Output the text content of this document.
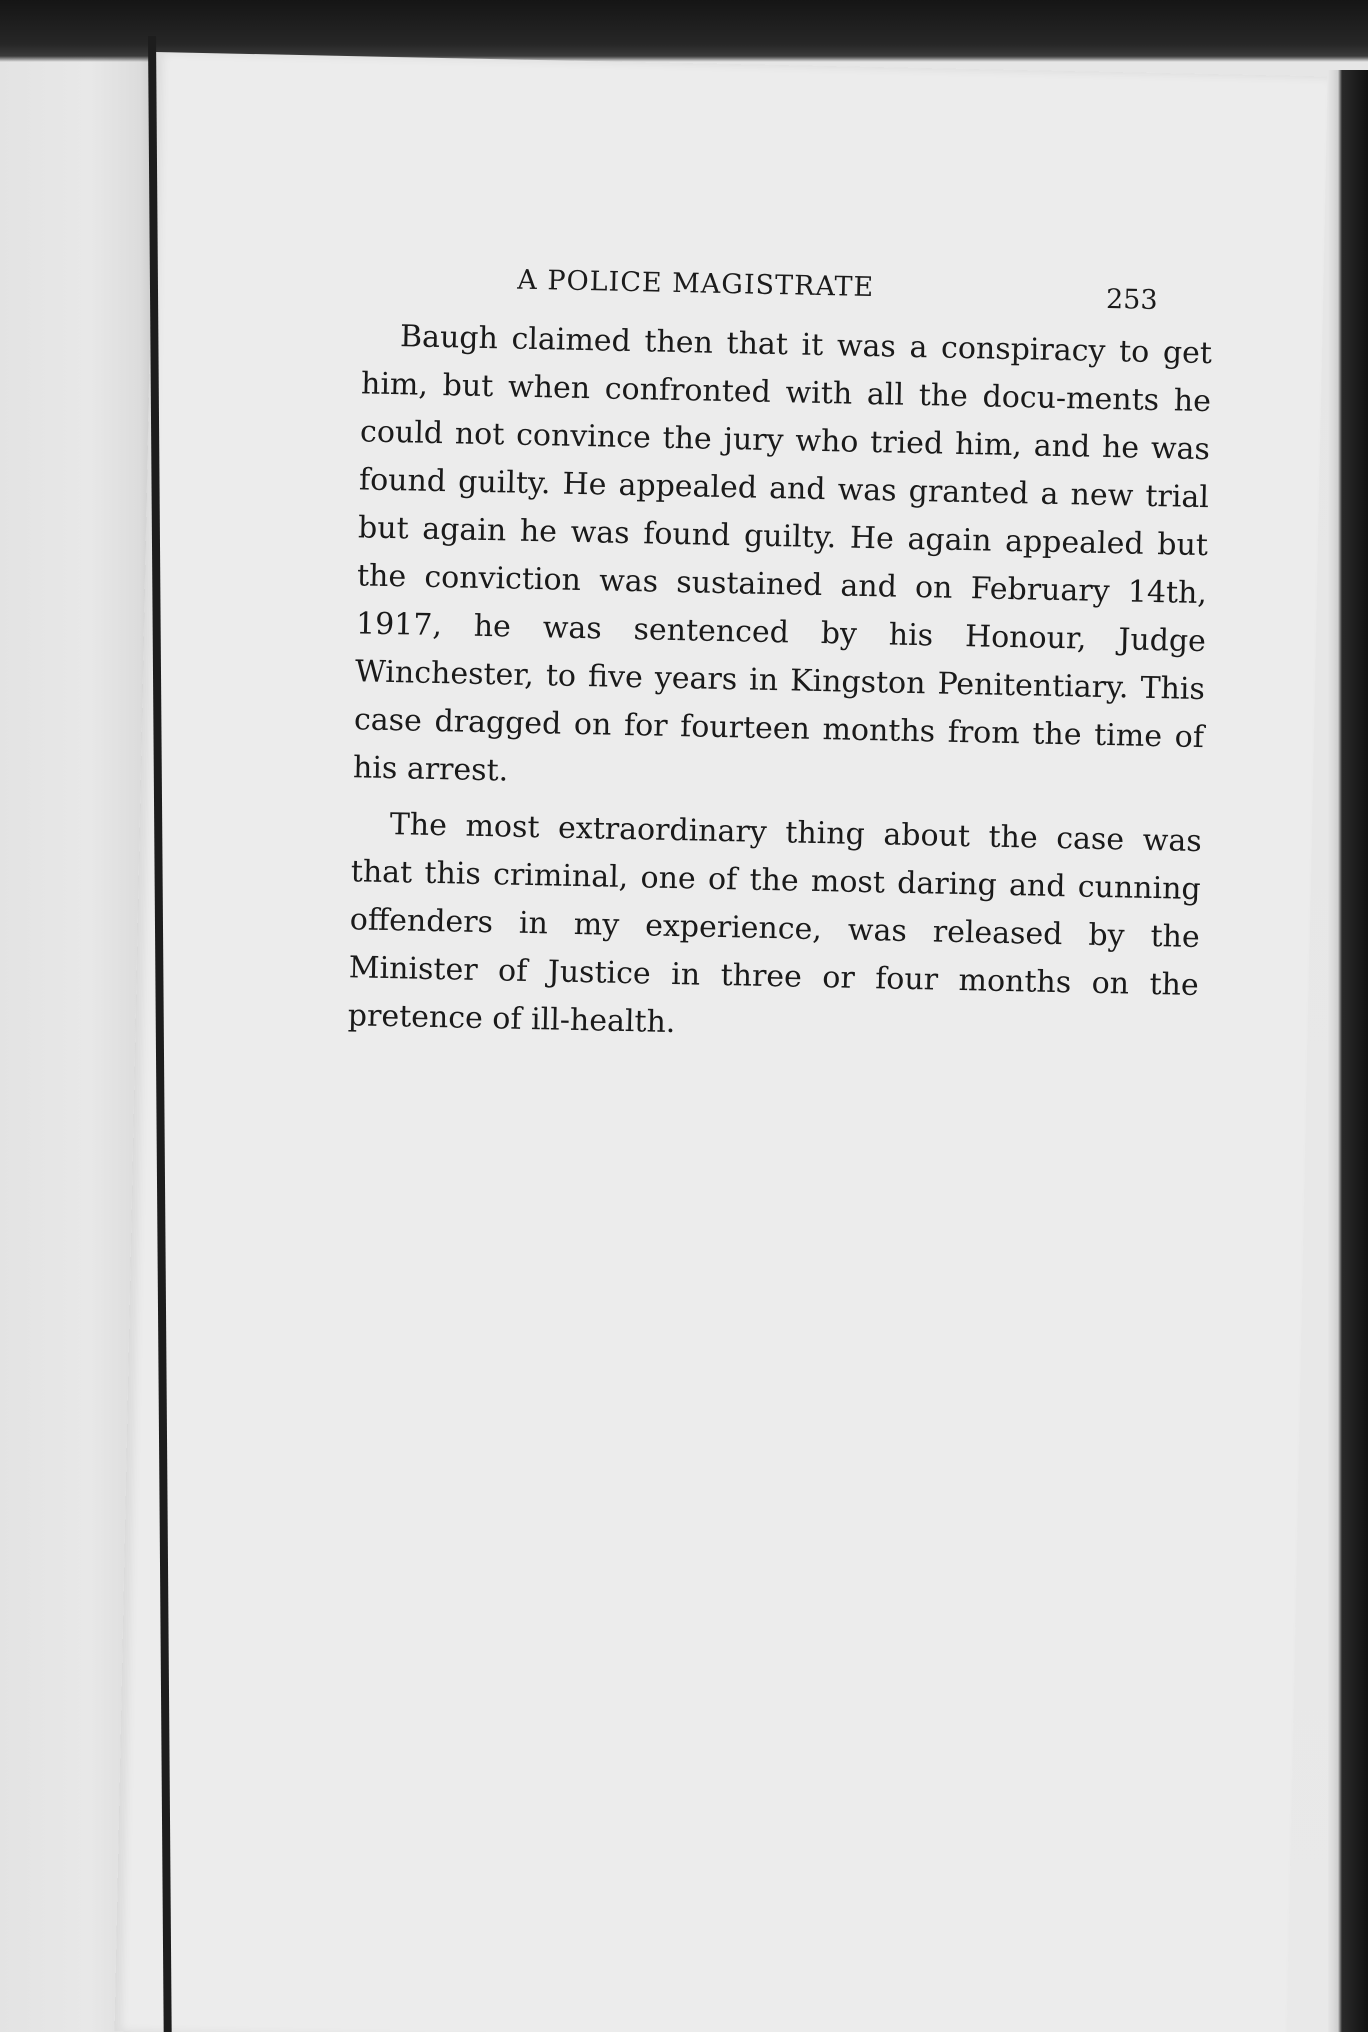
A POLICE MAGISTRATE	253

Baugh claimed then that it was a conspiracy to get him, but when confronted with all the docu-ments he could not convince the jury who tried him, and he was found guilty. He appealed and was granted a new trial but again he was found guilty. He again appealed but the conviction was sustained and on February 14th, 1917, he was sentenced by his Honour, Judge Winchester, to five years in Kingston Penitentiary. This case dragged on for fourteen months from the time of his arrest.

The most extraordinary thing about the case was that this criminal, one of the most daring and cunning offenders in my experience, was released by the Minister of Justice in three or four months on the pretence of ill-health.
